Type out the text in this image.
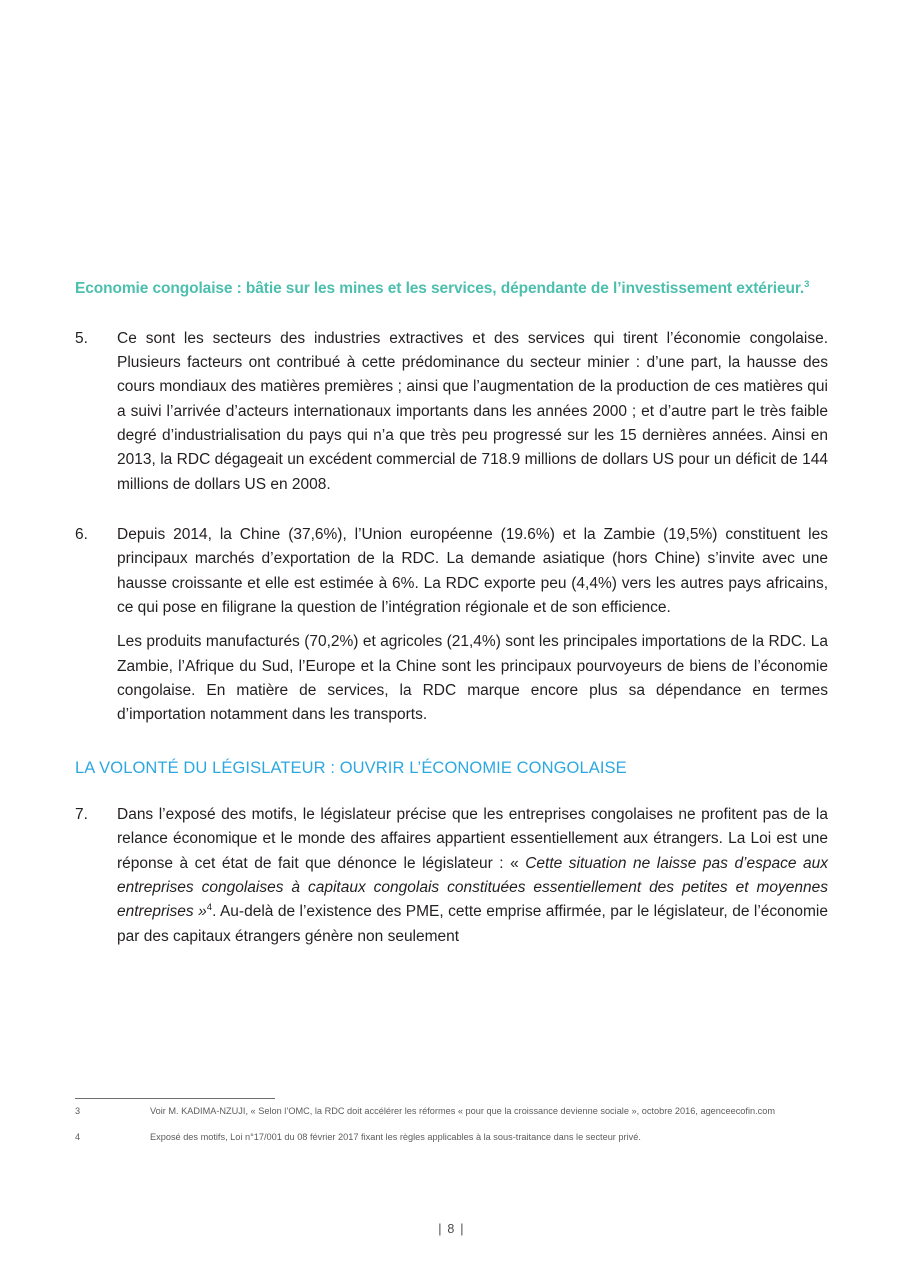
Economie congolaise : bâtie sur les mines et les services, dépendante de l’investissement extérieur.$^3$
5.	Ce sont les secteurs des industries extractives et des services qui tirent l’économie congolaise. Plusieurs facteurs ont contribué à cette prédominance du secteur minier : d’une part, la hausse des cours mondiaux des matières premières ; ainsi que l’augmentation de la production de ces matières qui a suivi l’arrivée d’acteurs internationaux importants dans les années 2000 ; et d’autre part le très faible degré d’industrialisation du pays qui n’a que très peu progressé sur les 15 dernières années. Ainsi en 2013, la RDC dégageait un excédent commercial de 718.9 millions de dollars US pour un déficit de 144 millions de dollars US en 2008.
6.	Depuis 2014, la Chine (37,6%), l’Union européenne (19.6%) et la Zambie (19,5%) constituent les principaux marchés d’exportation de la RDC. La demande asiatique (hors Chine) s’invite avec une hausse croissante et elle est estimée à 6%. La RDC exporte peu (4,4%) vers les autres pays africains, ce qui pose en filigrane la question de l’intégration régionale et de son efficience.
Les produits manufacturés (70,2%) et agricoles (21,4%) sont les principales importations de la RDC. La Zambie, l’Afrique du Sud, l’Europe et la Chine sont les principaux pourvoyeurs de biens de l’économie congolaise. En matière de services, la RDC marque encore plus sa dépendance en termes d’importation notamment dans les transports.
LA VOLONTÉ DU LÉGISLATEUR : OUVRIR L’ÉCONOMIE CONGOLAISE
7.	Dans l’exposé des motifs, le législateur précise que les entreprises congolaises ne profitent pas de la relance économique et le monde des affaires appartient essentiellement aux étrangers. La Loi est une réponse à cet état de fait que dénonce le législateur : « Cette situation ne laisse pas d’espace aux entreprises congolaises à capitaux congolais constituées essentiellement des petites et moyennes entreprises »$^4$. Au-delà de l’existence des PME, cette emprise affirmée, par le législateur, de l’économie par des capitaux étrangers génère non seulement
3	Voir M. KADIMA-NZUJI, « Selon l’OMC, la RDC doit accélérer les réformes « pour que la croissance devienne sociale », octobre 2016, agenceecofin.com
4	Exposé des motifs, Loi n°17/001 du 08 février 2017 fixant les règles applicables à la sous-traitance dans le secteur privé.
| 8 |
